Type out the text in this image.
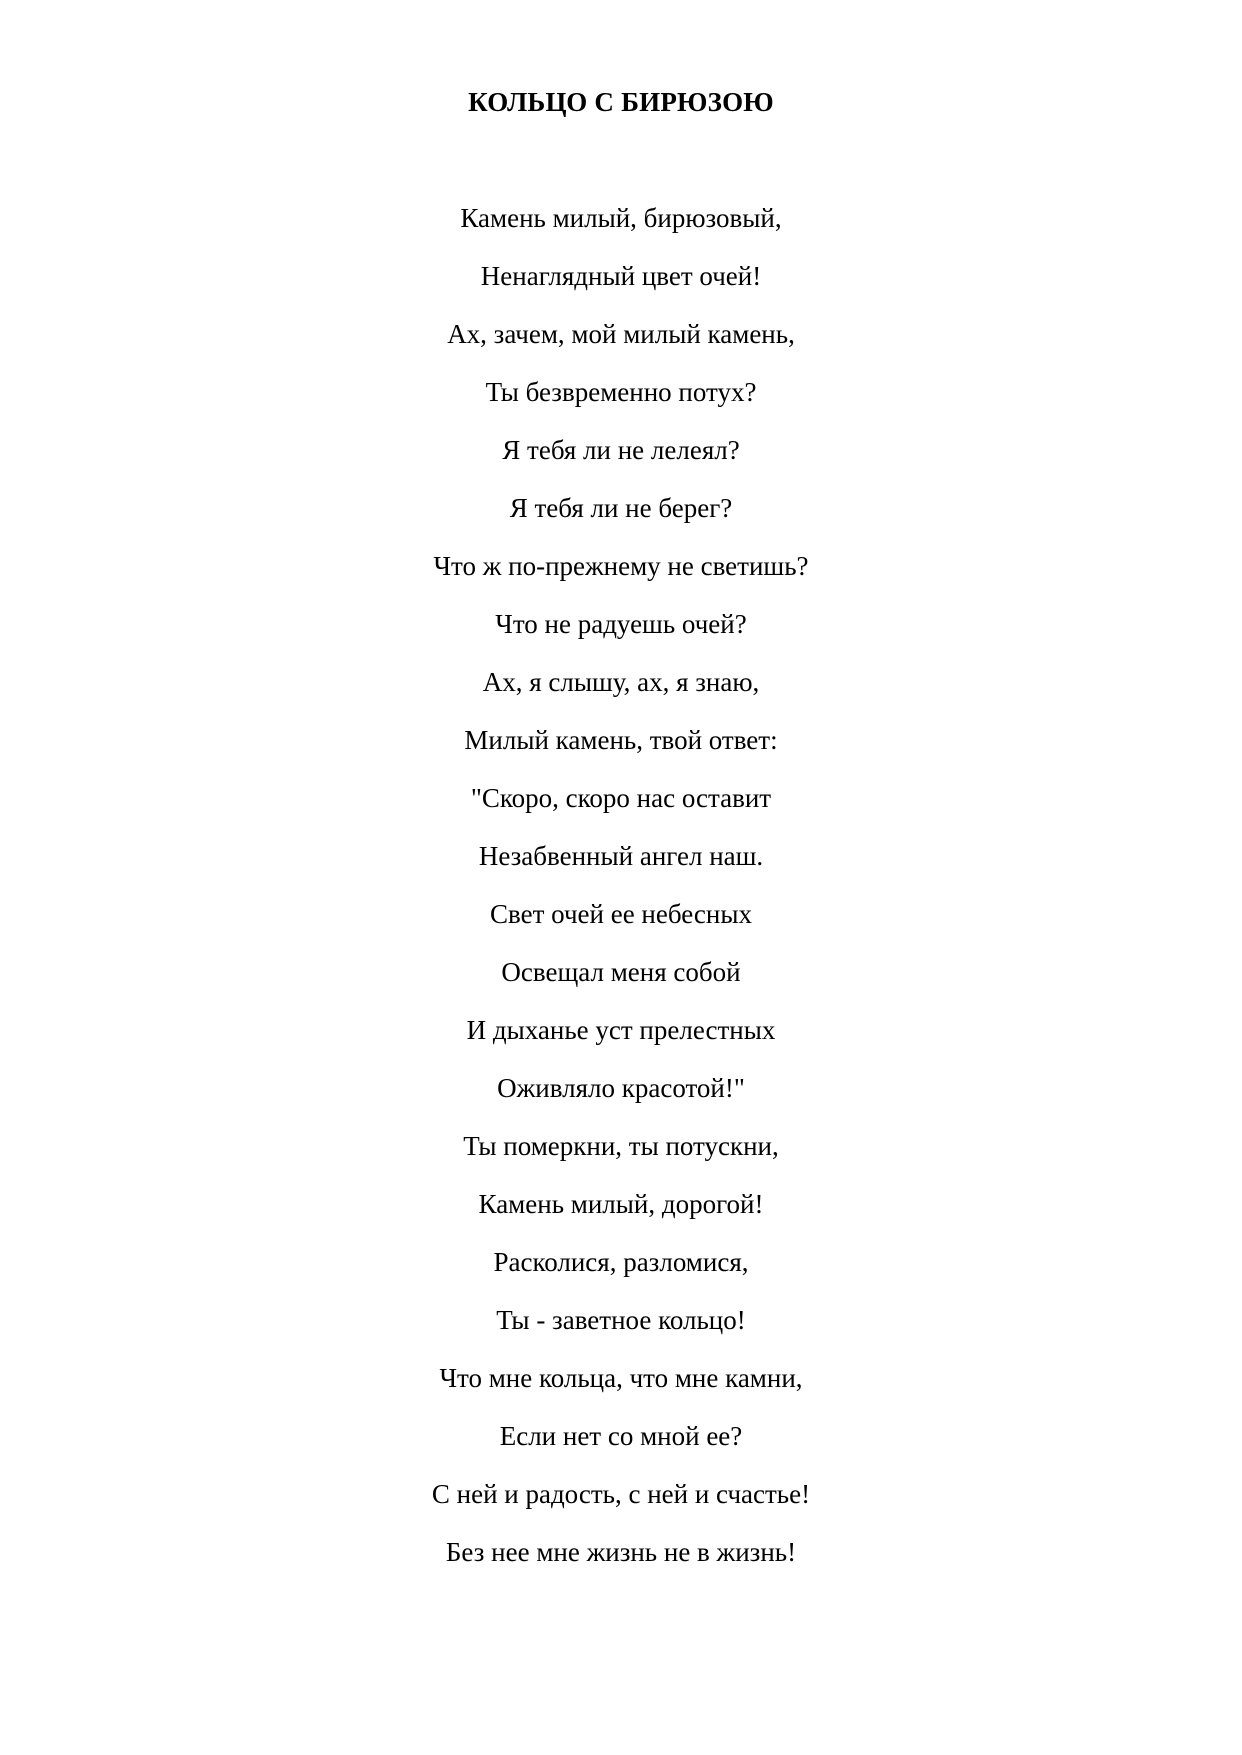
КОЛЬЦО С БИРЮЗОЮ
Камень милый, бирюзовый,
Ненаглядный цвет очей!
Ах, зачем, мой милый камень,
Ты безвременно потух?
Я тебя ли не лелеял?
Я тебя ли не берег?
Что ж по-прежнему не светишь?
Что не радуешь очей?
Ах, я слышу, ах, я знаю,
Милый камень, твой ответ:
"Скоро, скоро нас оставит
Незабвенный ангел наш.
Свет очей ее небесных
Освещал меня собой
И дыханье уст прелестных
Оживляло красотой!"
Ты померкни, ты потускни,
Камень милый, дорогой!
Расколися, разломися,
Ты - заветное кольцо!
Что мне кольца, что мне камни,
Если нет со мной ее?
С ней и радость, с ней и счастье!
Без нее мне жизнь не в жизнь!
